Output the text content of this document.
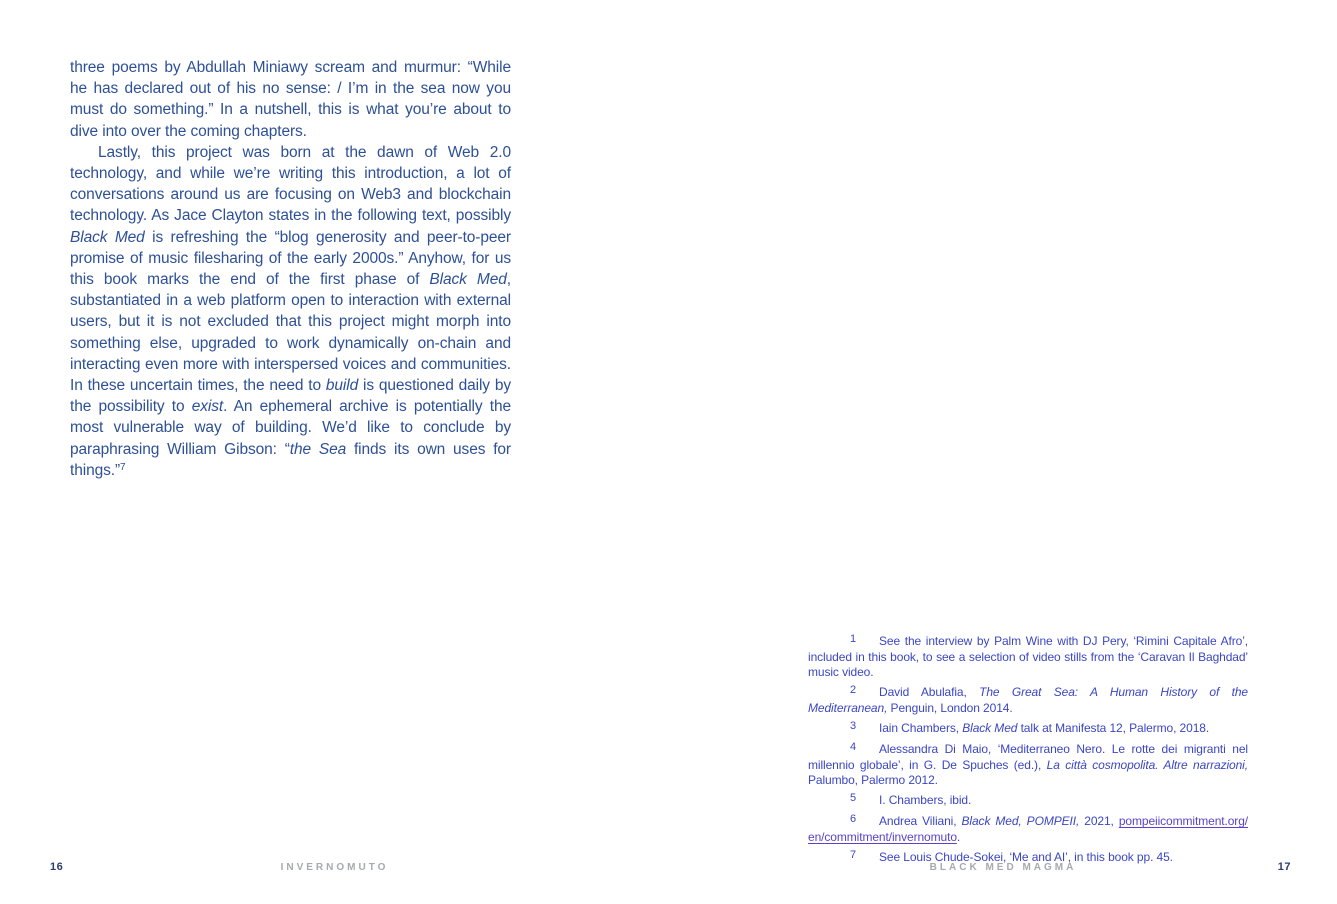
three poems by Abdullah Miniawy scream and murmur: “While he has declared out of his no sense: / I’m in the sea now you must do something.” In a nutshell, this is what you’re about to dive into over the coming chapters.

Lastly, this project was born at the dawn of Web 2.0 technology, and while we’re writing this introduction, a lot of conversations around us are focusing on Web3 and blockchain technology. As Jace Clayton states in the following text, possibly Black Med is refreshing the “blog generosity and peer-to-peer promise of music filesharing of the early 2000s.” Anyhow, for us this book marks the end of the first phase of Black Med, substantiated in a web platform open to interaction with external users, but it is not excluded that this project might morph into something else, upgraded to work dynamically on-chain and interacting even more with interspersed voices and communities. In these uncertain times, the need to build is questioned daily by the possibility to exist. An ephemeral archive is potentially the most vulnerable way of building. We’d like to conclude by paraphrasing William Gibson: “the Sea finds its own uses for things.”$^7$

1 See the interview by Palm Wine with DJ Pery, ‘Rimini Capitale Afro’, included in this book, to see a selection of video stills from the ‘Caravan Il Baghdad’ music video.
2 David Abulafia, The Great Sea: A Human History of the Mediterranean, Penguin, London 2014.
3 Iain Chambers, Black Med talk at Manifesta 12, Palermo, 2018.
4 Alessandra Di Maio, ‘Mediterraneo Nero. Le rotte dei migranti nel millennio globale’, in G. De Spuches (ed.), La città cosmopolita. Altre narrazioni, Palumbo, Palermo 2012.
5 I. Chambers, ibid.
6 Andrea Viliani, Black Med, POMPEII, 2021, pompeiicommitment.org/en/commitment/invernomuto.
7 See Louis Chude-Sokei, ‘Me and AI’, in this book pp. 45.
16	INVERNOMUTO	BLACK MED MAGMA	17
